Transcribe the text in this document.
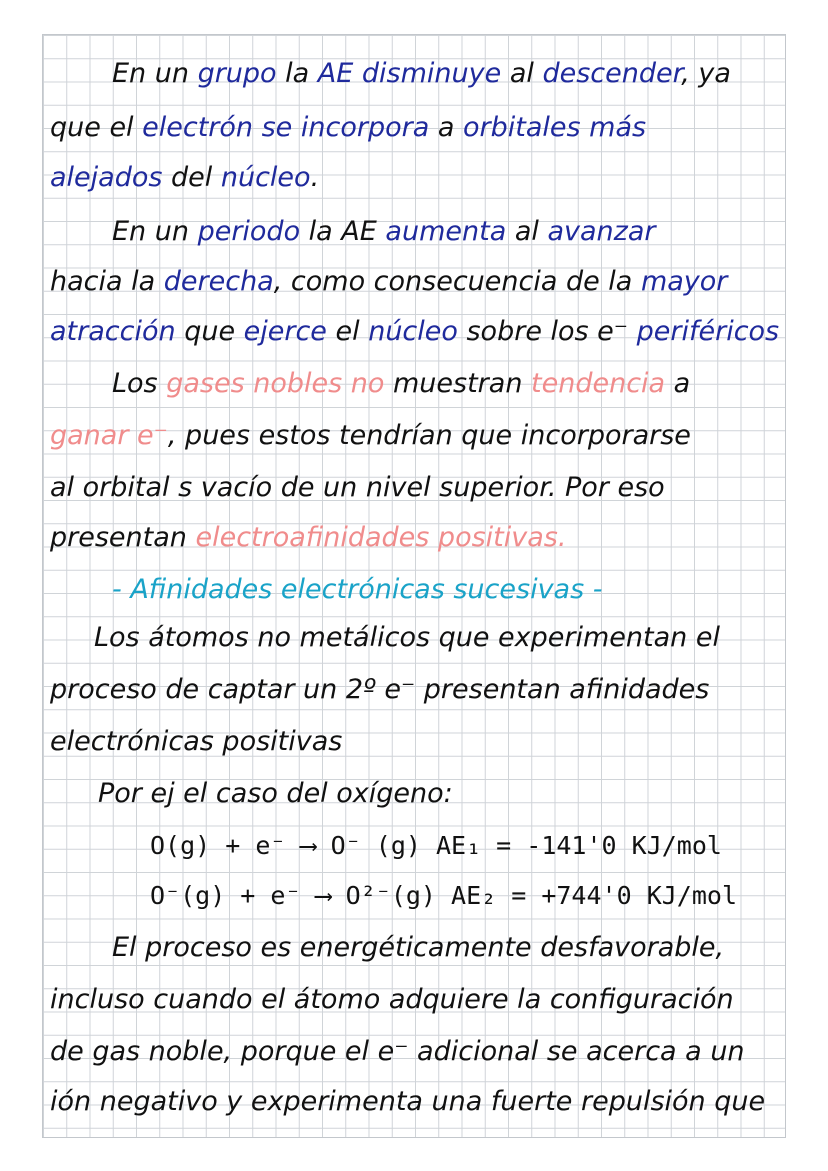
En un grupo la AE disminuye al descender, ya
que el electrón se incorpora a orbitales más
alejados del núcleo.
En un periodo la AE aumenta al avanzar
hacia la derecha, como consecuencia de la mayor
atracción que ejerce el núcleo sobre los e⁻ periféricos
Los gases nobles no muestran tendencia a
ganar e⁻, pues estos tendrían que incorporarse
al orbital s vacío de un nivel superior. Por eso
presentan electroafinidades positivas.
- Afinidades electrónicas sucesivas -
Los átomos no metálicos que experimentan el
proceso de captar un 2º e⁻ presentan afinidades
electrónicas positivas
Por ej el caso del oxígeno:
O(g) + e⁻ ⟶ O⁻ (g) AE₁ = -141'0 KJ/mol
O⁻(g) + e⁻ ⟶ O²⁻(g) AE₂ = +744'0 KJ/mol
El proceso es energéticamente desfavorable,
incluso cuando el átomo adquiere la configuración
de gas noble, porque el e⁻ adicional se acerca a un
ión negativo y experimenta una fuerte repulsión que
